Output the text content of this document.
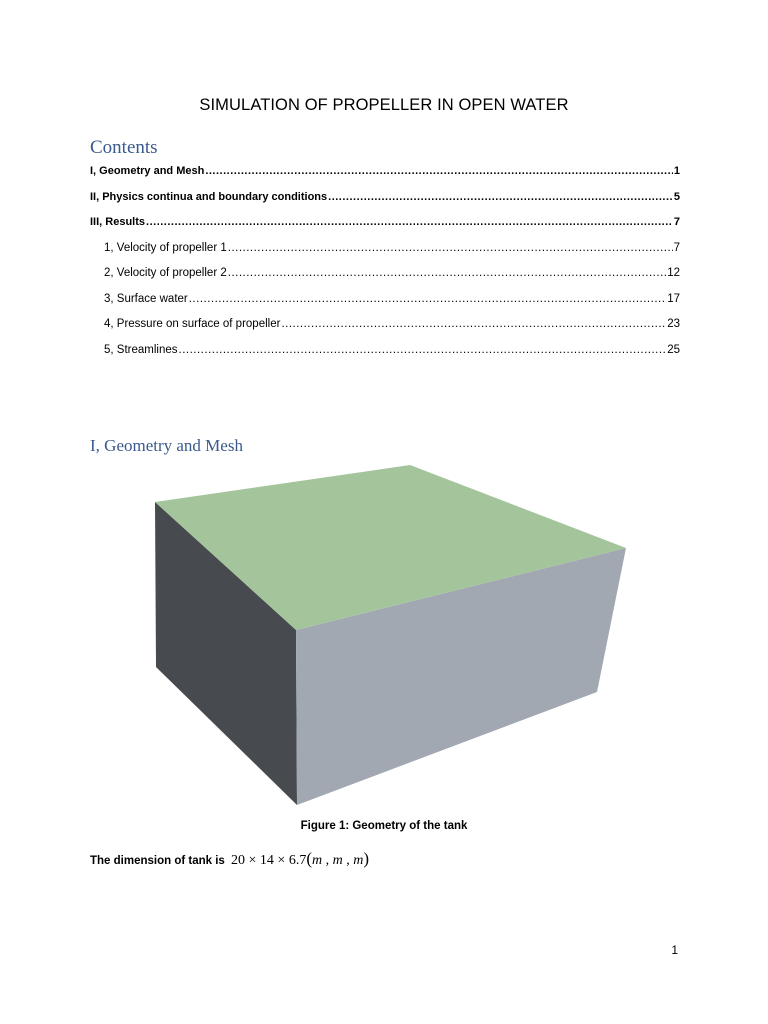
SIMULATION OF PROPELLER IN OPEN WATER
Contents
I, Geometry and Mesh .....	1
II, Physics continua and boundary conditions .....	5
III, Results .....	7
1, Velocity of propeller 1 .....	7
2, Velocity of propeller 2 .....	12
3, Surface water .....	17
4, Pressure on surface of propeller .....	23
5, Streamlines .....	25
I, Geometry and Mesh
Figure 1: Geometry of the tank
The dimension of tank is 20 × 14 × 6.7(m , m , m)
1
